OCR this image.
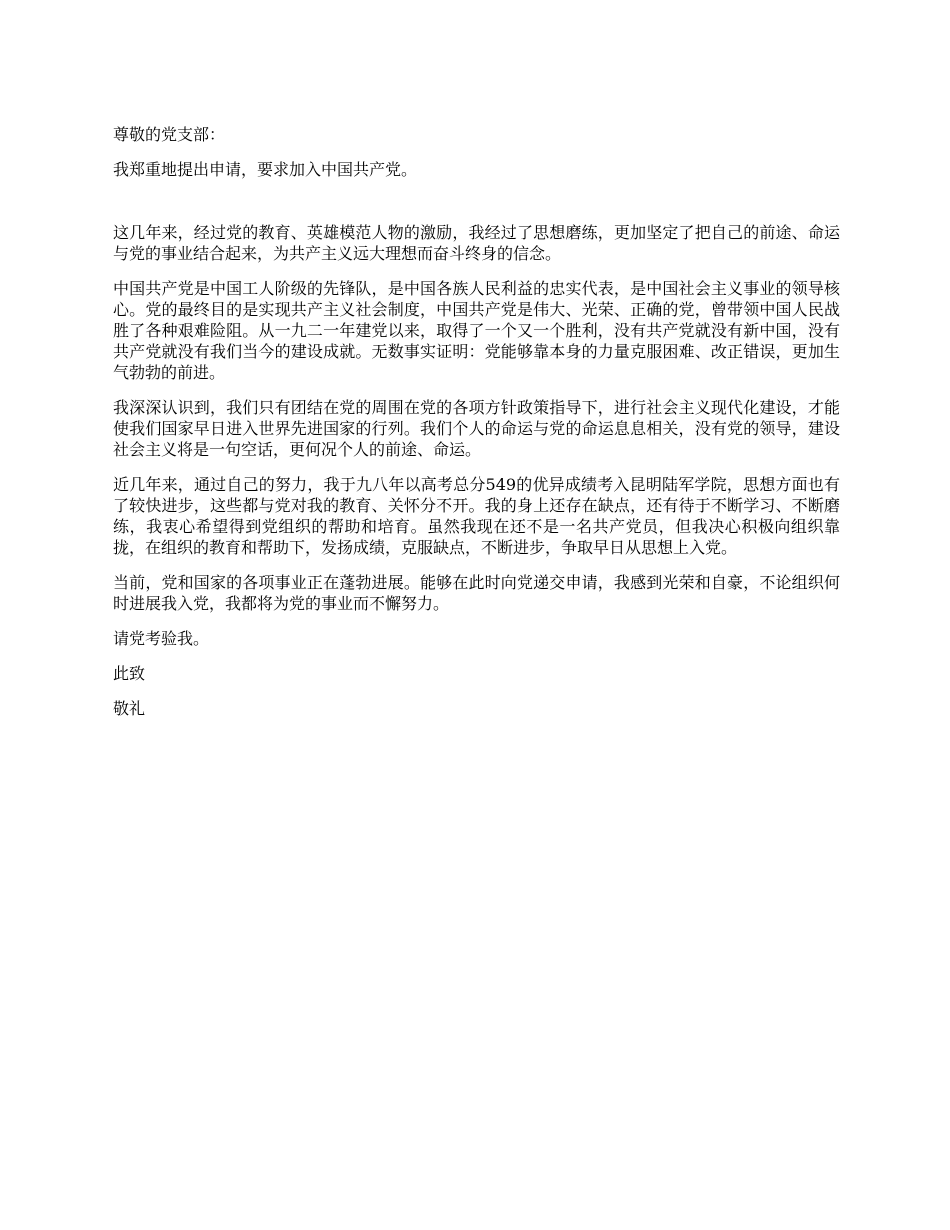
尊敬的党支部：

我郑重地提出申请，要求加入中国共产党。

这几年来，经过党的教育、英雄模范人物的激励，我经过了思想磨练，更加坚定了把自己的前途、命运与党的事业结合起来，为共产主义远大理想而奋斗终身的信念。

中国共产党是中国工人阶级的先锋队，是中国各族人民利益的忠实代表，是中国社会主义事业的领导核心。党的最终目的是实现共产主义社会制度，中国共产党是伟大、光荣、正确的党，曾带领中国人民战胜了各种艰难险阻。从一九二一年建党以来，取得了一个又一个胜利，没有共产党就没有新中国，没有共产党就没有我们当今的建设成就。无数事实证明：党能够靠本身的力量克服困难、改正错误，更加生气勃勃的前进。

我深深认识到，我们只有团结在党的周围在党的各项方针政策指导下，进行社会主义现代化建设，才能使我们国家早日进入世界先进国家的行列。我们个人的命运与党的命运息息相关，没有党的领导，建设社会主义将是一句空话，更何况个人的前途、命运。

近几年来，通过自己的努力，我于九八年以高考总分549的优异成绩考入昆明陆军学院，思想方面也有了较快进步，这些都与党对我的教育、关怀分不开。我的身上还存在缺点，还有待于不断学习、不断磨练，我衷心希望得到党组织的帮助和培育。虽然我现在还不是一名共产党员，但我决心积极向组织靠拢，在组织的教育和帮助下，发扬成绩，克服缺点，不断进步，争取早日从思想上入党。

当前，党和国家的各项事业正在蓬勃进展。能够在此时向党递交申请，我感到光荣和自豪，不论组织何时进展我入党，我都将为党的事业而不懈努力。

请党考验我。

此致

敬礼
